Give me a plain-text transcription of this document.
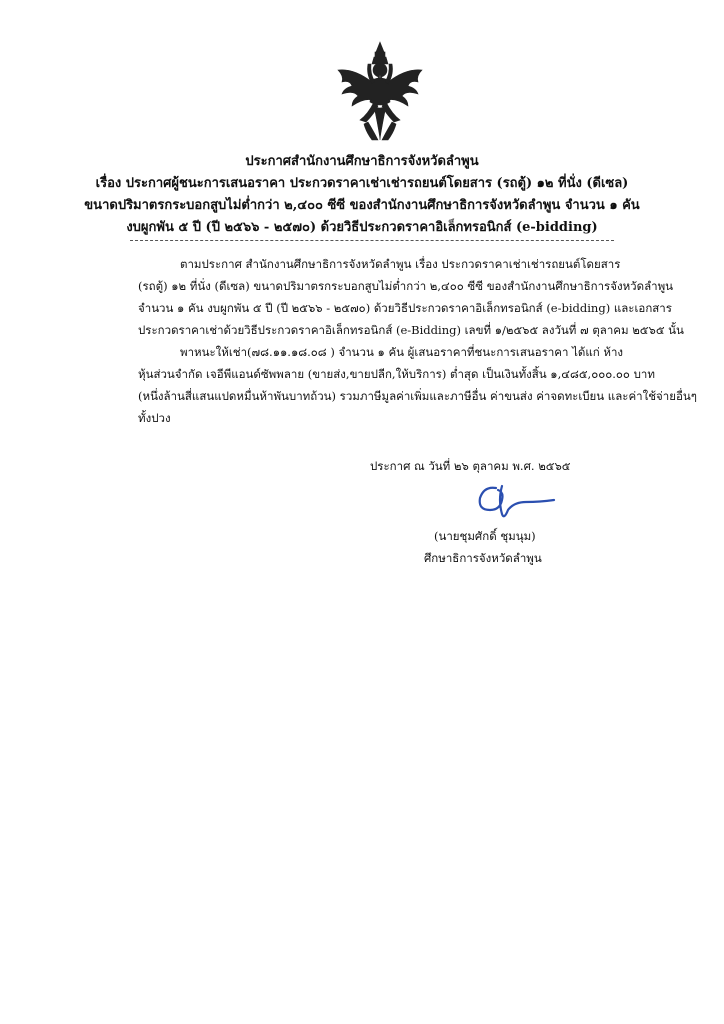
ประกาศสำนักงานศึกษาธิการจังหวัดลำพูน
เรื่อง ประกาศผู้ชนะการเสนอราคา ประกวดราคาเช่าเช่ารถยนต์โดยสาร (รถตู้) ๑๒ ที่นั่ง (ดีเซล)
ขนาดปริมาตรกระบอกสูบไม่ต่ำกว่า ๒,๔๐๐ ซีซี ของสำนักงานศึกษาธิการจังหวัดลำพูน จำนวน ๑ คัน
งบผูกพัน ๕ ปี (ปี ๒๕๖๖ - ๒๕๗๐) ด้วยวิธีประกวดราคาอิเล็กทรอนิกส์ (e-bidding)
ตามประกาศ สำนักงานศึกษาธิการจังหวัดลำพูน เรื่อง ประกวดราคาเช่าเช่ารถยนต์โดยสาร
(รถตู้) ๑๒ ที่นั่ง (ดีเซล) ขนาดปริมาตรกระบอกสูบไม่ต่ำกว่า ๒,๔๐๐ ซีซี ของสำนักงานศึกษาธิการจังหวัดลำพูน
จำนวน ๑ คัน งบผูกพัน ๕ ปี (ปี ๒๕๖๖ - ๒๕๗๐) ด้วยวิธีประกวดราคาอิเล็กทรอนิกส์ (e-bidding) และเอกสาร
ประกวดราคาเช่าด้วยวิธีประกวดราคาอิเล็กทรอนิกส์ (e-Bidding) เลขที่ ๑/๒๕๖๕ ลงวันที่ ๗ ตุลาคม ๒๕๖๕ นั้น
พาหนะให้เช่า(๗๘.๑๑.๑๘.๐๘ ) จำนวน ๑ คัน ผู้เสนอราคาที่ชนะการเสนอราคา ได้แก่ ห้าง
หุ้นส่วนจำกัด เจอีพีแอนด์ซัพพลาย (ขายส่ง,ขายปลีก,ให้บริการ) ต่ำสุด เป็นเงินทั้งสิ้น ๑,๔๘๕,๐๐๐.๐๐ บาท
(หนึ่งล้านสี่แสนแปดหมื่นห้าพันบาทถ้วน) รวมภาษีมูลค่าเพิ่มและภาษีอื่น ค่าขนส่ง ค่าจดทะเบียน และค่าใช้จ่ายอื่นๆ
ทั้งปวง
ประกาศ ณ วันที่ ๒๖ ตุลาคม พ.ศ. ๒๕๖๕
(นายชุมศักดิ์ ชุมนุม)
ศึกษาธิการจังหวัดลำพูน
